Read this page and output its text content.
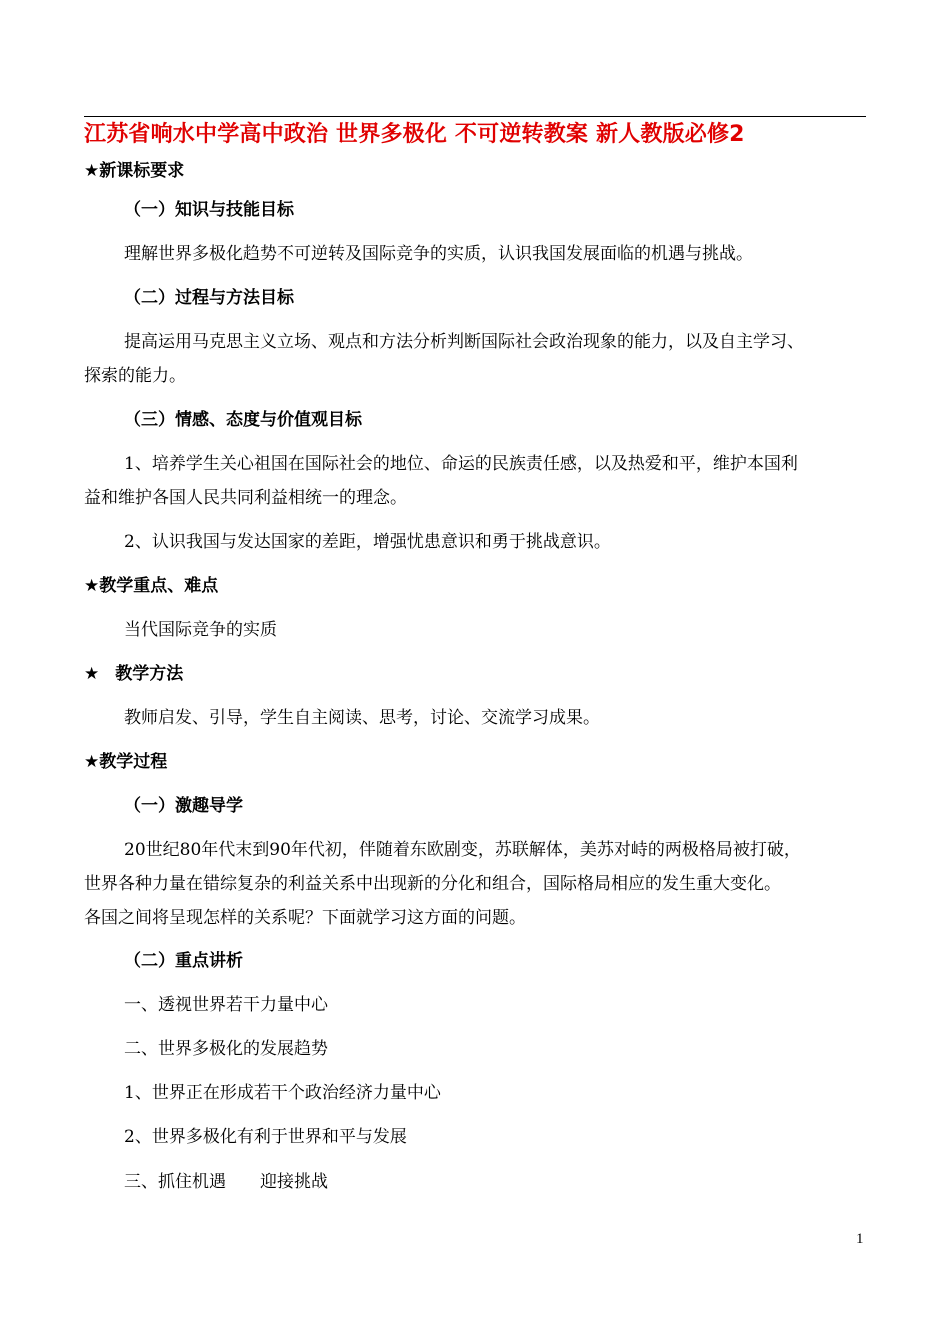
江苏省响水中学高中政治 世界多极化 不可逆转教案 新人教版必修2
★新课标要求
（一）知识与技能目标
理解世界多极化趋势不可逆转及国际竞争的实质，认识我国发展面临的机遇与挑战。
（二）过程与方法目标
提高运用马克思主义立场、观点和方法分析判断国际社会政治现象的能力，以及自主学习、
探索的能力。
（三）情感、态度与价值观目标
1、培养学生关心祖国在国际社会的地位、命运的民族责任感，以及热爱和平，维护本国利
益和维护各国人民共同利益相统一的理念。
2、认识我国与发达国家的差距，增强忧患意识和勇于挑战意识。
★教学重点、难点
当代国际竞争的实质
★ 教学方法
教师启发、引导，学生自主阅读、思考，讨论、交流学习成果。
★教学过程
（一）激趣导学
20世纪80年代末到90年代初，伴随着东欧剧变，苏联解体，美苏对峙的两极格局被打破，
世界各种力量在错综复杂的利益关系中出现新的分化和组合，国际格局相应的发生重大变化。
各国之间将呈现怎样的关系呢？下面就学习这方面的问题。
（二）重点讲析
一、透视世界若干力量中心
二、世界多极化的发展趋势
1、世界正在形成若干个政治经济力量中心
2、世界多极化有利于世界和平与发展
三、抓住机遇　　迎接挑战
1
